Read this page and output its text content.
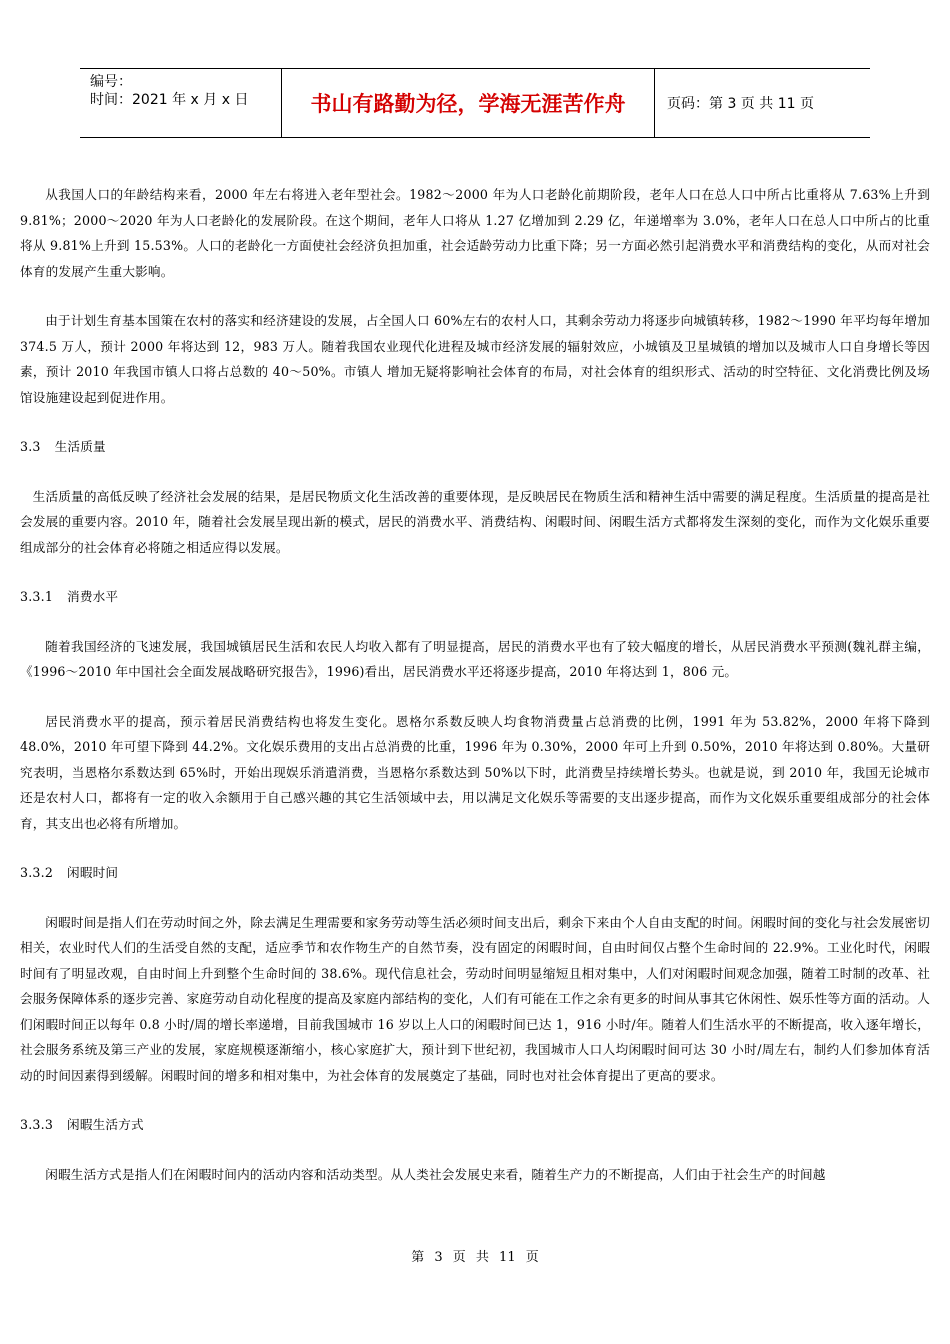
编号：
时间：2021 年 x 月 x 日	书山有路勤为径，学海无涯苦作舟	页码：第 3 页 共 11 页

从我国人口的年龄结构来看，2000 年左右将进入老年型社会。1982～2000 年为人口老龄化前期阶段，老年人口在总人口中所占比重将从 7.63%上升到 9.81%；2000～2020 年为人口老龄化的发展阶段。在这个期间，老年人口将从 1.27 亿增加到 2.29 亿，年递增率为 3.0%，老年人口在总人口中所占的比重将从 9.81%上升到 15.53%。人口的老龄化一方面使社会经济负担加重，社会适龄劳动力比重下降；另一方面必然引起消费水平和消费结构的变化，从而对社会体育的发展产生重大影响。

由于计划生育基本国策在农村的落实和经济建设的发展，占全国人口 60%左右的农村人口，其剩余劳动力将逐步向城镇转移，1982～1990 年平均每年增加 374.5 万人，预计 2000 年将达到 12，983 万人。随着我国农业现代化进程及城市经济发展的辐射效应，小城镇及卫星城镇的增加以及城市人口自身增长等因素，预计 2010 年我国市镇人口将占总数的 40～50%。市镇人 增加无疑将影响社会体育的布局，对社会体育的组织形式、活动的时空特征、文化消费比例及场馆设施建设起到促进作用。

3.3 生活质量

生活质量的高低反映了经济社会发展的结果，是居民物质文化生活改善的重要体现，是反映居民在物质生活和精神生活中需要的满足程度。生活质量的提高是社会发展的重要内容。2010 年，随着社会发展呈现出新的模式，居民的消费水平、消费结构、闲暇时间、闲暇生活方式都将发生深刻的变化，而作为文化娱乐重要组成部分的社会体育必将随之相适应得以发展。

3.3.1 消费水平

随着我国经济的飞速发展，我国城镇居民生活和农民人均收入都有了明显提高，居民的消费水平也有了较大幅度的增长，从居民消费水平预测(魏礼群主编，《1996～2010 年中国社会全面发展战略研究报告》，1996)看出，居民消费水平还将逐步提高，2010 年将达到 1，806 元。

居民消费水平的提高，预示着居民消费结构也将发生变化。恩格尔系数反映人均食物消费量占总消费的比例，1991 年为 53.82%，2000 年将下降到 48.0%，2010 年可望下降到 44.2%。文化娱乐费用的支出占总消费的比重，1996 年为 0.30%，2000 年可上升到 0.50%，2010 年将达到 0.80%。大量研究表明，当恩格尔系数达到 65%时，开始出现娱乐消遣消费，当恩格尔系数达到 50%以下时，此消费呈持续增长势头。也就是说，到 2010 年，我国无论城市还是农村人口，都将有一定的收入余额用于自己感兴趣的其它生活领域中去，用以满足文化娱乐等需要的支出逐步提高，而作为文化娱乐重要组成部分的社会体育，其支出也必将有所增加。

3.3.2 闲暇时间

闲暇时间是指人们在劳动时间之外，除去满足生理需要和家务劳动等生活必须时间支出后，剩余下来由个人自由支配的时间。闲暇时间的变化与社会发展密切相关，农业时代人们的生活受自然的支配，适应季节和农作物生产的自然节奏，没有固定的闲暇时间，自由时间仅占整个生命时间的 22.9%。工业化时代，闲暇时间有了明显改观，自由时间上升到整个生命时间的 38.6%。现代信息社会，劳动时间明显缩短且相对集中，人们对闲暇时间观念加强，随着工时制的改革、社会服务保障体系的逐步完善、家庭劳动自动化程度的提高及家庭内部结构的变化，人们有可能在工作之余有更多的时间从事其它休闲性、娱乐性等方面的活动。人们闲暇时间正以每年 0.8 小时/周的增长率递增，目前我国城市 16 岁以上人口的闲暇时间已达 1，916 小时/年。随着人们生活水平的不断提高，收入逐年增长，社会服务系统及第三产业的发展，家庭规模逐渐缩小，核心家庭扩大，预计到下世纪初，我国城市人口人均闲暇时间可达 30 小时/周左右，制约人们参加体育活动的时间因素得到缓解。闲暇时间的增多和相对集中，为社会体育的发展奠定了基础，同时也对社会体育提出了更高的要求。

3.3.3 闲暇生活方式

闲暇生活方式是指人们在闲暇时间内的活动内容和活动类型。从人类社会发展史来看，随着生产力的不断提高，人们由于社会生产的时间越

第 3 页 共 11 页
